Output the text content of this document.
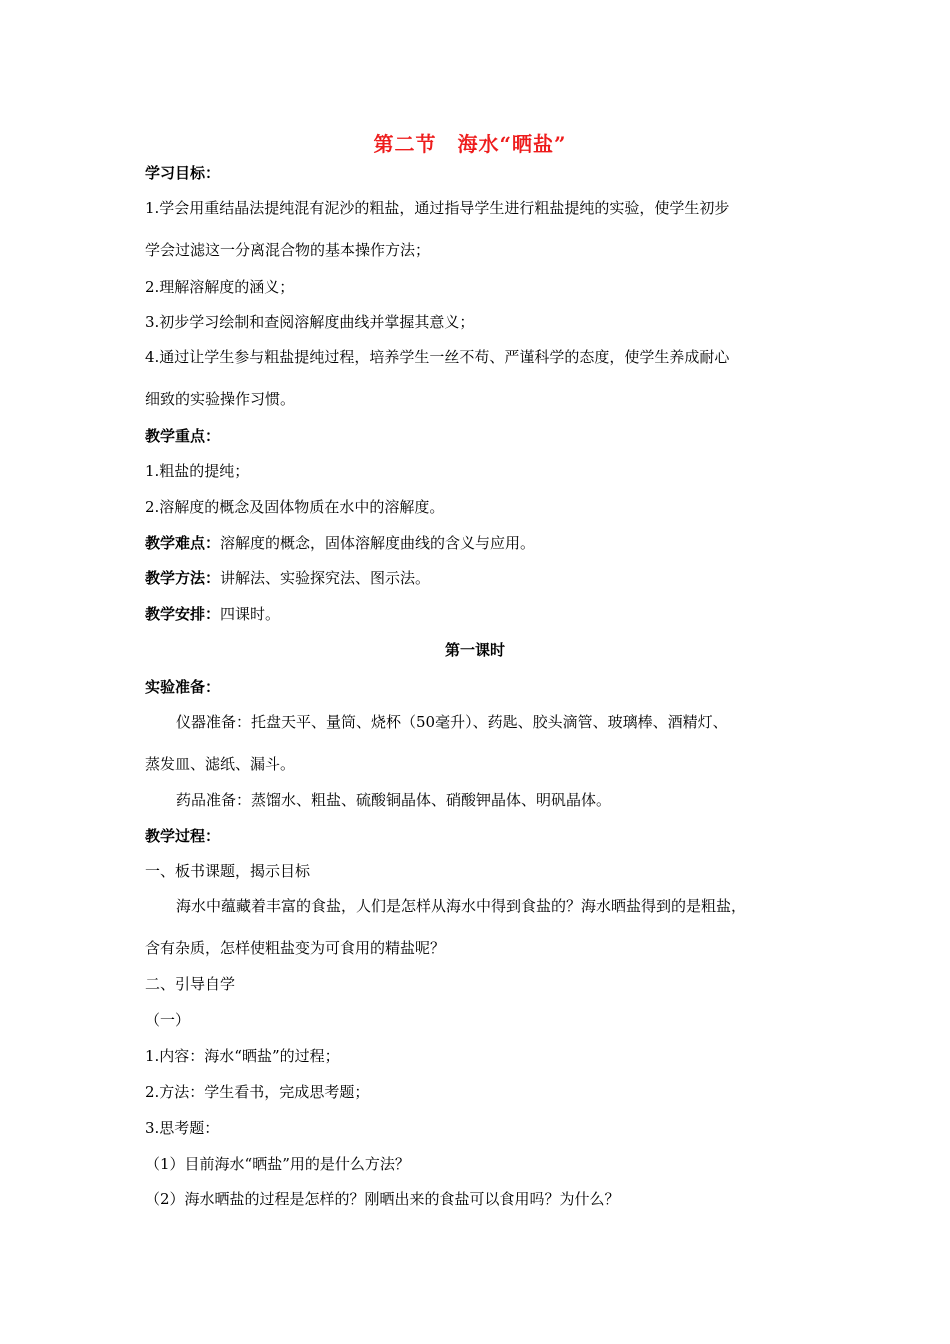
第二节　海水“晒盐”
学习目标：
1.学会用重结晶法提纯混有泥沙的粗盐，通过指导学生进行粗盐提纯的实验，使学生初步
学会过滤这一分离混合物的基本操作方法；
2.理解溶解度的涵义；
3.初步学习绘制和查阅溶解度曲线并掌握其意义；
4.通过让学生参与粗盐提纯过程，培养学生一丝不苟、严谨科学的态度，使学生养成耐心
细致的实验操作习惯。
教学重点：
1.粗盐的提纯；
2.溶解度的概念及固体物质在水中的溶解度。
教学难点：溶解度的概念，固体溶解度曲线的含义与应用。
教学方法：讲解法、实验探究法、图示法。
教学安排：四课时。
第一课时
实验准备：
仪器准备：托盘天平、量筒、烧杯（50毫升）、药匙、胶头滴管、玻璃棒、酒精灯、
蒸发皿、滤纸、漏斗。
药品准备：蒸馏水、粗盐、硫酸铜晶体、硝酸钾晶体、明矾晶体。
教学过程：
一、板书课题，揭示目标
海水中蕴藏着丰富的食盐，人们是怎样从海水中得到食盐的？海水晒盐得到的是粗盐，
含有杂质，怎样使粗盐变为可食用的精盐呢？
二、引导自学
（一）
1.内容：海水“晒盐”的过程；
2.方法：学生看书，完成思考题；
3.思考题：
（1）目前海水“晒盐”用的是什么方法？
（2）海水晒盐的过程是怎样的？刚晒出来的食盐可以食用吗？为什么？
